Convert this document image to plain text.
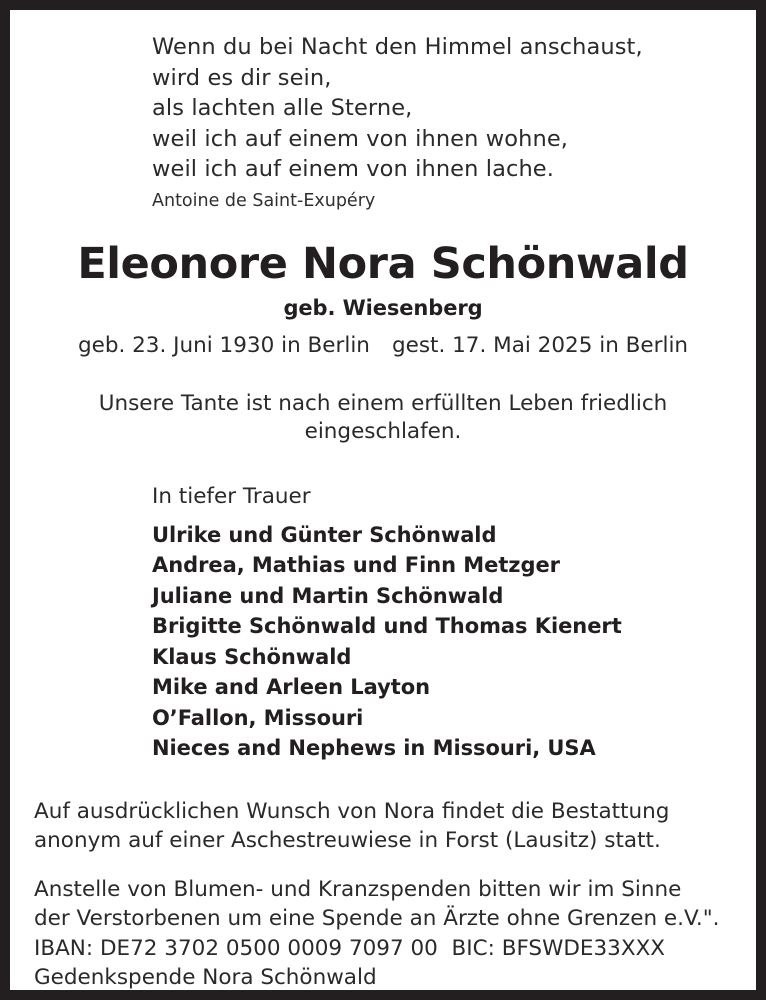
Wenn du bei Nacht den Himmel anschaust,
wird es dir sein,
als lachten alle Sterne,
weil ich auf einem von ihnen wohne,
weil ich auf einem von ihnen lache.
Antoine de Saint-Exupéry
Eleonore Nora Schönwald
geb. Wiesenberg
geb. 23. Juni 1930 in Berlin gest. 17. Mai 2025 in Berlin
Unsere Tante ist nach einem erfüllten Leben friedlich eingeschlafen.
In tiefer Trauer
Ulrike und Günter Schönwald
Andrea, Mathias und Finn Metzger
Juliane und Martin Schönwald
Brigitte Schönwald und Thomas Kienert
Klaus Schönwald
Mike and Arleen Layton
O’Fallon, Missouri
Nieces and Nephews in Missouri, USA
Auf ausdrücklichen Wunsch von Nora findet die Bestattung
anonym auf einer Aschestreuwiese in Forst (Lausitz) statt.
Anstelle von Blumen- und Kranzspenden bitten wir im Sinne
der Verstorbenen um eine Spende an Ärzte ohne Grenzen e.V.".
IBAN: DE72 3702 0500 0009 7097 00  BIC: BFSWDE33XXX
Gedenkspende Nora Schönwald
